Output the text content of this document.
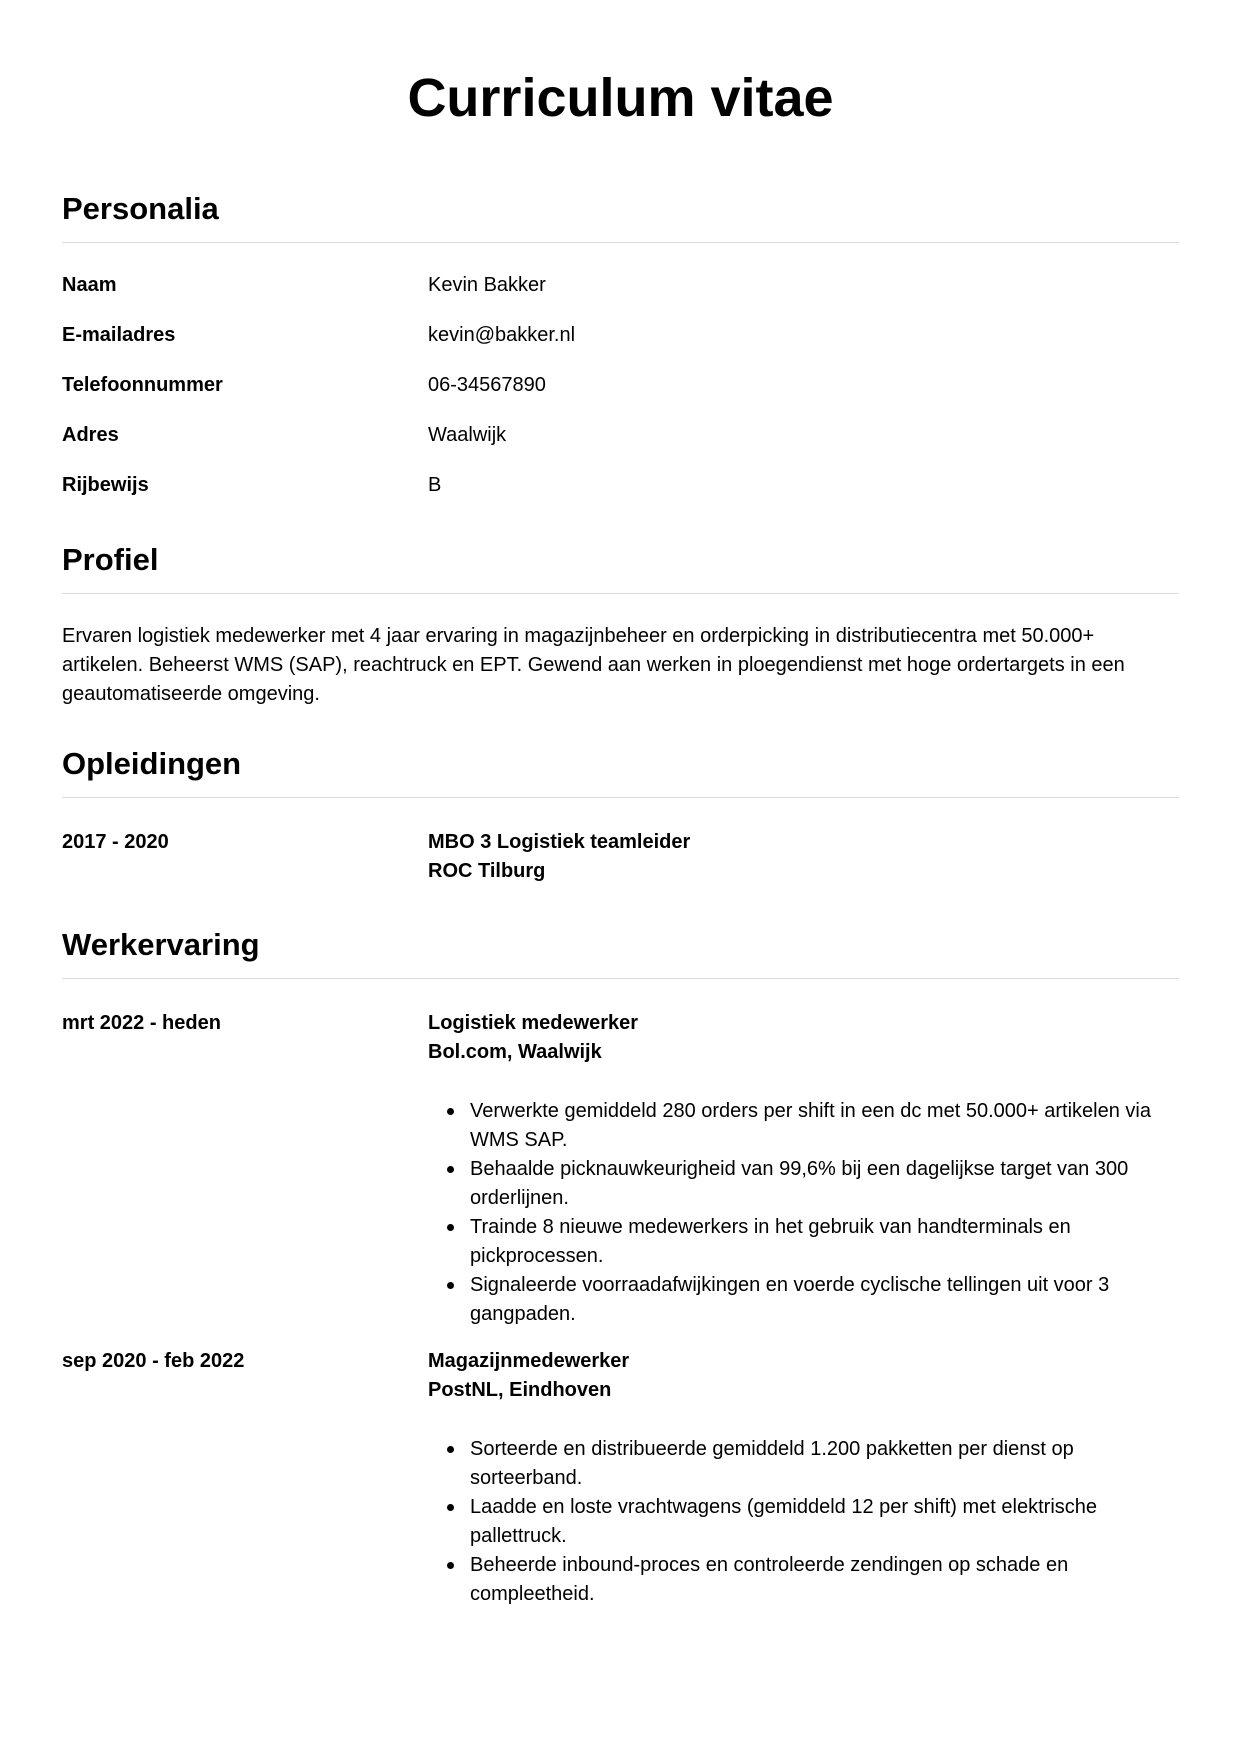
Curriculum vitae
Personalia
Naam	Kevin Bakker
E-mailadres	kevin@bakker.nl
Telefoonnummer	06-34567890
Adres	Waalwijk
Rijbewijs	B
Profiel

Ervaren logistiek medewerker met 4 jaar ervaring in magazijnbeheer en orderpicking in distributiecentra met 50.000+ artikelen. Beheerst WMS (SAP), reachtruck en EPT. Gewend aan werken in ploegendienst met hoge ordertargets in een geautomatiseerde omgeving.

Opleidingen
2017 - 2020	MBO 3 Logistiek teamleider
ROC Tilburg
Werkervaring
mrt 2022 - heden	Logistiek medewerker
Bol.com, Waalwijk
Verwerkte gemiddeld 280 orders per shift in een dc met 50.000+ artikelen via WMS SAP.
Behaalde picknauwkeurigheid van 99,6% bij een dagelijkse target van 300 orderlijnen.
Trainde 8 nieuwe medewerkers in het gebruik van handterminals en pickprocessen.
Signaleerde voorraadafwijkingen en voerde cyclische tellingen uit voor 3 gangpaden.
sep 2020 - feb 2022	Magazijnmedewerker
PostNL, Eindhoven
Sorteerde en distribueerde gemiddeld 1.200 pakketten per dienst op sorteerband.
Laadde en loste vrachtwagens (gemiddeld 12 per shift) met elektrische pallettruck.
Beheerde inbound-proces en controleerde zendingen op schade en compleetheid.
